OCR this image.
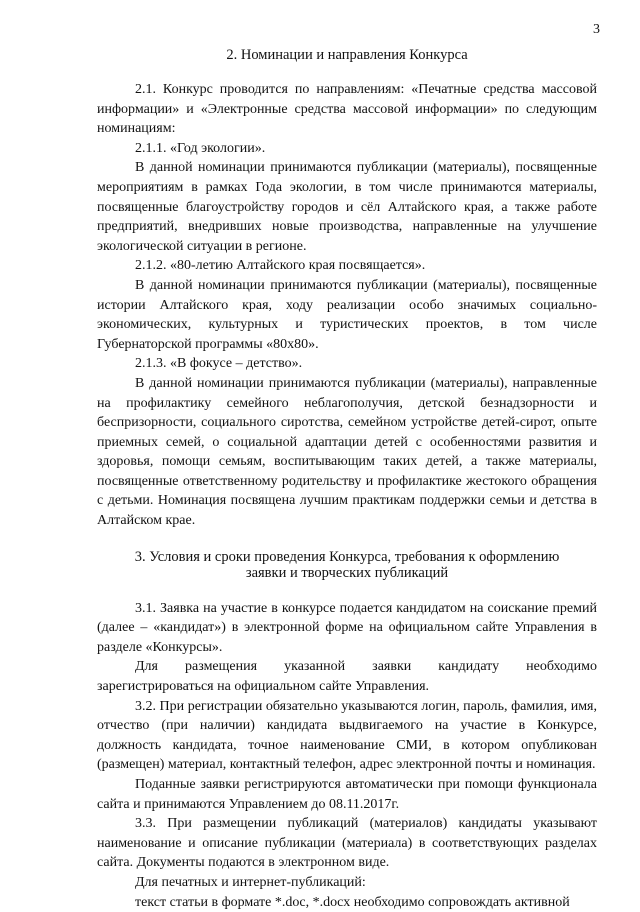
3
2. Номинации и направления Конкурса

2.1. Конкурс проводится по направлениям: «Печатные средства массовой информации» и «Электронные средства массовой информации» по следующим номинациям:

2.1.1. «Год экологии».

В данной номинации принимаются публикации (материалы), посвященные мероприятиям в рамках Года экологии, в том числе принимаются материалы, посвященные благоустройству городов и сёл Алтайского края, а также работе предприятий, внедривших новые производства, направленные на улучшение экологической ситуации в регионе.

2.1.2. «80-летию Алтайского края посвящается».

В данной номинации принимаются публикации (материалы), посвященные истории Алтайского края, ходу реализации особо значимых социально-экономических, культурных и туристических проектов, в том числе Губернаторской программы «80х80».

2.1.3. «В фокусе – детство».

В данной номинации принимаются публикации (материалы), направленные на профилактику семейного неблагополучия, детской безнадзорности и беспризорности, социального сиротства, семейном устройстве детей-сирот, опыте приемных семей, о социальной адаптации детей с особенностями развития и здоровья, помощи семьям, воспитывающим таких детей, а также материалы, посвященные ответственному родительству и профилактике жестокого обращения с детьми. Номинация посвящена лучшим практикам поддержки семьи и детства в Алтайском крае.

3. Условия и сроки проведения Конкурса, требования к оформлению
заявки и творческих публикаций

3.1. Заявка на участие в конкурсе подается кандидатом на соискание премий (далее – «кандидат») в электронной форме на официальном сайте Управления в разделе «Конкурсы».

Для размещения указанной заявки кандидату необходимо зарегистрироваться на официальном сайте Управления.

3.2. При регистрации обязательно указываются логин, пароль, фамилия, имя, отчество (при наличии) кандидата выдвигаемого на участие в Конкурсе, должность кандидата, точное наименование СМИ, в котором опубликован (размещен) материал, контактный телефон, адрес электронной почты и номинация.

Поданные заявки регистрируются автоматически при помощи функционала сайта и принимаются Управлением до 08.11.2017г.

3.3. При размещении публикаций (материалов) кандидаты указывают наименование и описание публикации (материала) в соответствующих разделах сайта. Документы подаются в электронном виде.

Для печатных и интернет-публикаций:

текст статьи в формате *.doc, *.docx необходимо сопровождать активной
